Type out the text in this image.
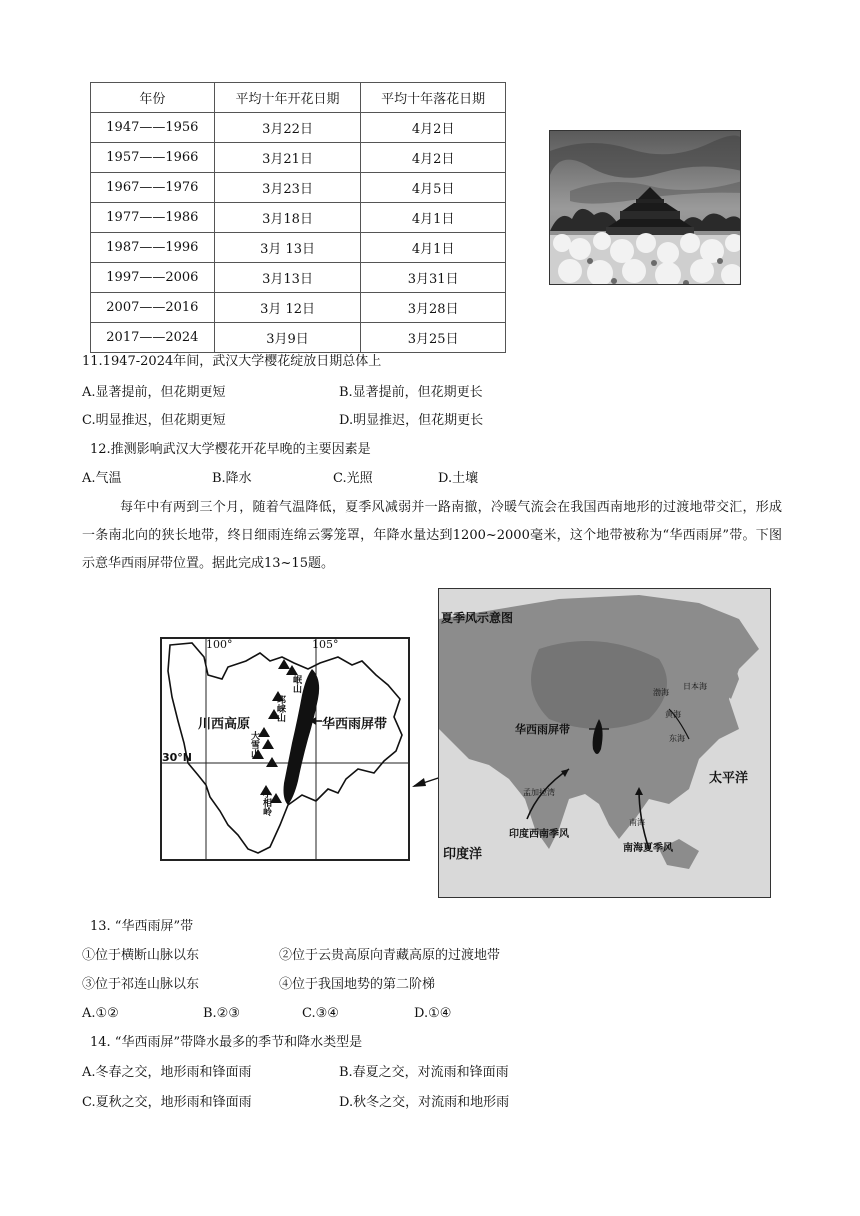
年份	平均十年开花日期	平均十年落花日期
1947——1956	3月22日	4月2日
1957——1966	3月21日	4月2日
1967——1976	3月23日	4月5日
1977——1986	3月18日	4月1日
1987——1996	3月 13日	4月1日
1997——2006	3月13日	3月31日
2007——2016	3月 12日	3月28日
2017——2024	3月9日	3月25日
11.1947-2024年间，武汉大学樱花绽放日期总体上
A.显著提前，但花期更短	B.显著提前，但花期更长
C.明显推迟，但花期更短	D.明显推迟，但花期更长
12.推测影响武汉大学樱花开花早晚的主要因素是
A.气温	B.降水	C.光照	D.土壤
每年中有两到三个月，随着气温降低，夏季风减弱并一路南撤，冷暖气流会在我国西南地形的过渡地带交汇，形成一条南北向的狭长地带，终日细雨连绵云雾笼罩，年降水量达到1200~2000毫米，这个地带被称为“华西雨屏”带。下图示意华西雨屏带位置。据此完成13~15题。
100°	105°
30°N
川西高原	华西雨屏带
岷山
邛崃山
大雪山
小相岭
夏季风示意图
华西雨屏带
太平洋
印度洋
印度西南季风
南海夏季风
孟加拉湾
日本海
渤海
黄海
东海
南海
13. “华西雨屏”带
①位于横断山脉以东	②位于云贵高原向青藏高原的过渡地带
③位于祁连山脉以东	④位于我国地势的第二阶梯
A.①②	B.②③	C.③④	D.①④
14. “华西雨屏”带降水最多的季节和降水类型是
A.冬春之交，地形雨和锋面雨	B.春夏之交，对流雨和锋面雨
C.夏秋之交，地形雨和锋面雨	D.秋冬之交，对流雨和地形雨
